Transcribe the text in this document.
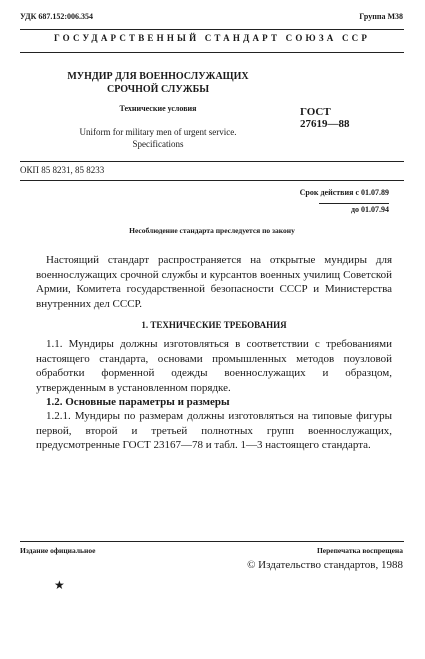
УДК 687.152:006.354	Группа М38
ГОСУДАРСТВЕННЫЙ СТАНДАРТ СОЮЗА ССР
МУНДИР ДЛЯ ВОЕННОСЛУЖАЩИХ
СРОЧНОЙ СЛУЖБЫ
Технические условия
Uniform for military men of urgent service.
Specifications
ГОСТ
27619—88
ОКП 85 8231, 85 8233
Срок действия с 01.07.89
до 01.07.94
Несоблюдение стандарта преследуется по закону
Настоящий стандарт распространяется на открытые мундиры для военнослужащих срочной службы и курсантов военных училищ Советской Армии, Комитета государственной безопасности СССР и Министерства внутренних дел СССР.
1. ТЕХНИЧЕСКИЕ ТРЕБОВАНИЯ
1.1. Мундиры должны изготовляться в соответствии с требованиями настоящего стандарта, основами промышленных методов поузловой обработки форменной одежды военнослужащих и образцом, утвержденным в установленном порядке.
1.2. Основные параметры и размеры
1.2.1. Мундиры по размерам должны изготовляться на типовые фигуры первой, второй и третьей полнотных групп военнослужащих, предусмотренные ГОСТ 23167—78 и табл. 1—3 настоящего стандарта.
Издание официальное	Перепечатка воспрещена
© Издательство стандартов, 1988
★
